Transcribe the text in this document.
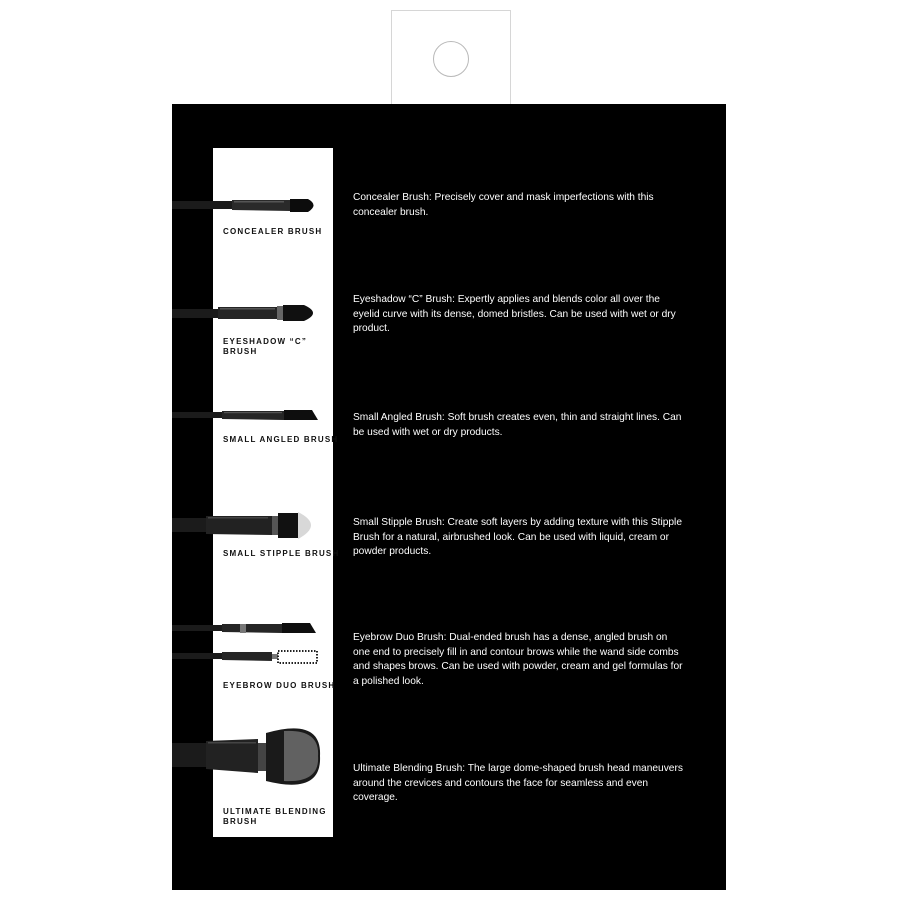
CONCEALER BRUSH
Concealer Brush: Precisely cover and mask imperfections with this concealer brush.
EYESHADOW “C” BRUSH
Eyeshadow “C” Brush: Expertly applies and blends color all over the eyelid curve with its dense, domed bristles. Can be used with wet or dry product.
SMALL ANGLED BRUSH
Small Angled Brush: Soft brush creates even, thin and straight lines. Can be used with wet or dry products.
SMALL STIPPLE BRUSH
Small Stipple Brush: Create soft layers by adding texture with this Stipple Brush for a natural, airbrushed look. Can be used with liquid, cream or powder products.
EYEBROW DUO BRUSH
Eyebrow Duo Brush: Dual-ended brush has a dense, angled brush on one end to precisely fill in and contour brows while the wand side combs and shapes brows. Can be used with powder, cream and gel formulas for a polished look.
ULTIMATE BLENDING BRUSH
Ultimate Blending Brush: The large dome-shaped brush head maneuvers around the crevices and contours the face for seamless and even coverage.
